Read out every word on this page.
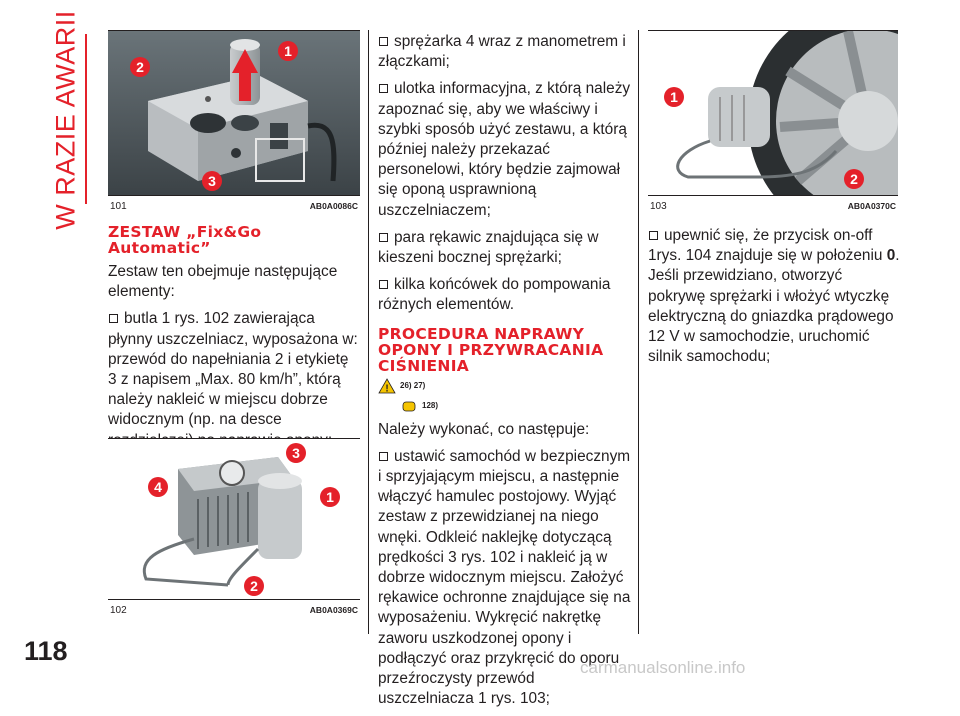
W RAZIE AWARII	1
2
3
101	AB0A0086C
ZESTAW „Fix&Go
Automatic”

Zestaw ten obejmuje następujące elementy:

butla 1 rys. 102 zawierająca płynny uszczelniacz, wyposażona w: przewód do napełniania 2 i etykietę 3 z napisem „Max. 80 km/h”, którą należy nakleić w miejscu dobrze widocznym (np. na desce

1
2
3
4
102	AB0A0369C

sprężarka 4 wraz z manometrem i złączkami;

ulotka informacyjna, z którą należy zapoznać się, aby we właściwy i szybki sposób użyć zestawu, a którą później należy przekazać personelowi, który będzie zajmował się oponą usprawnioną uszczelniaczem;

para rękawic znajdująca się w kieszeni bocznej sprężarki;

kilka końcówek do pompowania różnych elementów.

PROCEDURA NAPRAWY OPONY I PRZYWRACANIA CIŚNIENIA
! 26) 27)
128)

Należy wykonać, co następuje:

ustawić samochód w bezpiecznym i sprzyjającym miejscu, a następnie włączyć hamulec postojowy. Wyjąć zestaw z przewidzianej na niego wnęki. Odkleić naklejkę dotyczącą prędkości 3 rys. 102 i nakleić ją w dobrze widocznym miejscu. Założyć rękawice ochronne znajdujące się na wyposażeniu. Wykręcić nakrętkę zaworu uszkodzonej opony i podłączyć oraz przykręcić do oporu przeźroczysty przewód uszczelniacza 1 rys. 103;

1
2
103	AB0A0370C

upewnić się, że przycisk on-off 1rys. 104 znajduje się w położeniu 0. Jeśli przewidziano, otworzyć pokrywę sprężarki i włożyć wtyczkę elektryczną do gniazdka prądowego 12 V w samochodzie, uruchomić silnik samochodu;

118
carmanualsonline.info
